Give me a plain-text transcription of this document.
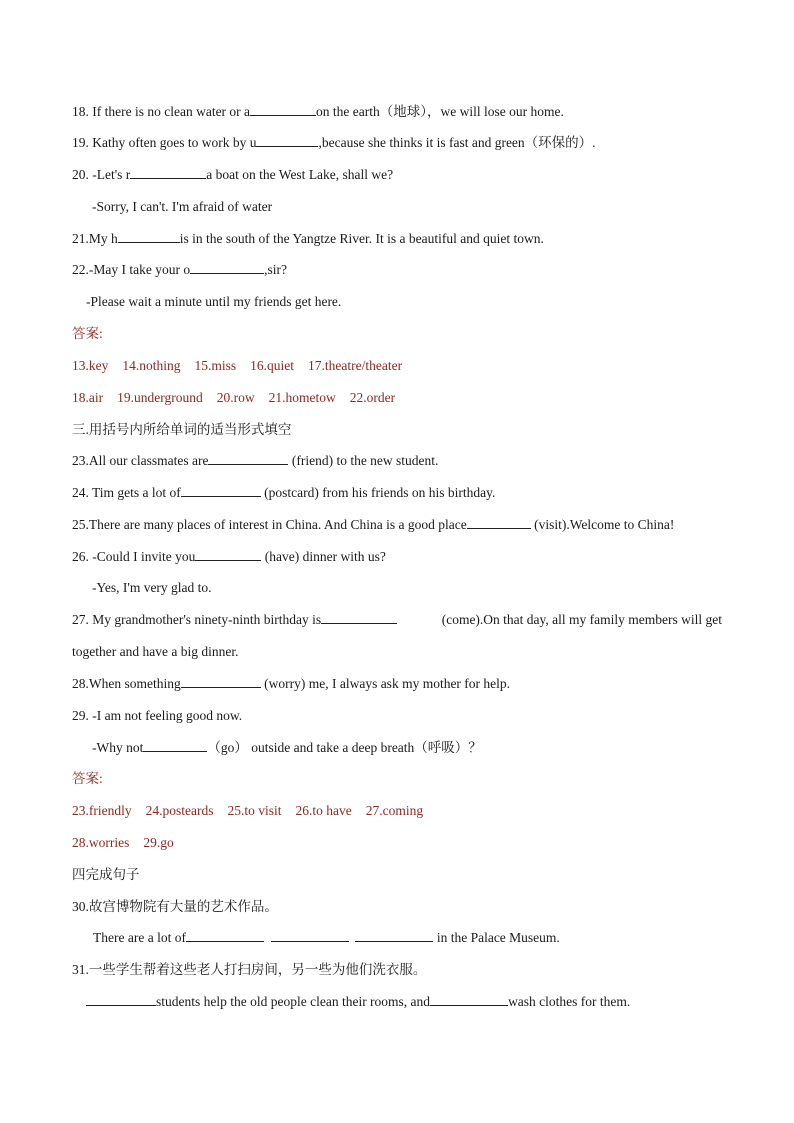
18. If there is no clean water or a	on the earth（地球），we will lose our home.
19. Kathy often goes to work by u	,because she thinks it is fast and green（环保的）.
20. -Let's r	a boat on the West Lake, shall we?
-Sorry, I can't. I'm afraid of water
21.My h	is in the south of the Yangtze River. It is a beautiful and quiet town.
22.-May I take your o	,sir?
-Please wait a minute until my friends get here.
答案:
13.key 14.nothing 15.miss 16.quiet 17.theatre/theater
18.air 19.underground 20.row 21.hometow 22.order
三.用括号内所给单词的适当形式填空
23.All our classmates are	(friend) to the new student.
24. Tim gets a lot of	(postcard) from his friends on his birthday.
25.There are many places of interest in China. And China is a good place	(visit).Welcome to China!
26. -Could I invite you	(have) dinner with us?
-Yes, I'm very glad to.
27. My grandmother's ninety-ninth birthday is	(come).On that day, all my family members will get
together and have a big dinner.
28.When something	(worry) me, I always ask my mother for help.
29. -I am not feeling good now.
-Why not	（go） outside and take a deep breath（呼吸）？
答案:
23.friendly 24.posteards 25.to visit 26.to have 27.coming
28.worries 29.go
四完成句子
30.故宫博物院有大量的艺术作品。
There are a lot of	in the Palace Museum.
31.一些学生帮着这些老人打扫房间，另一些为他们洗衣服。
students help the old people clean their rooms, and	wash clothes for them.
